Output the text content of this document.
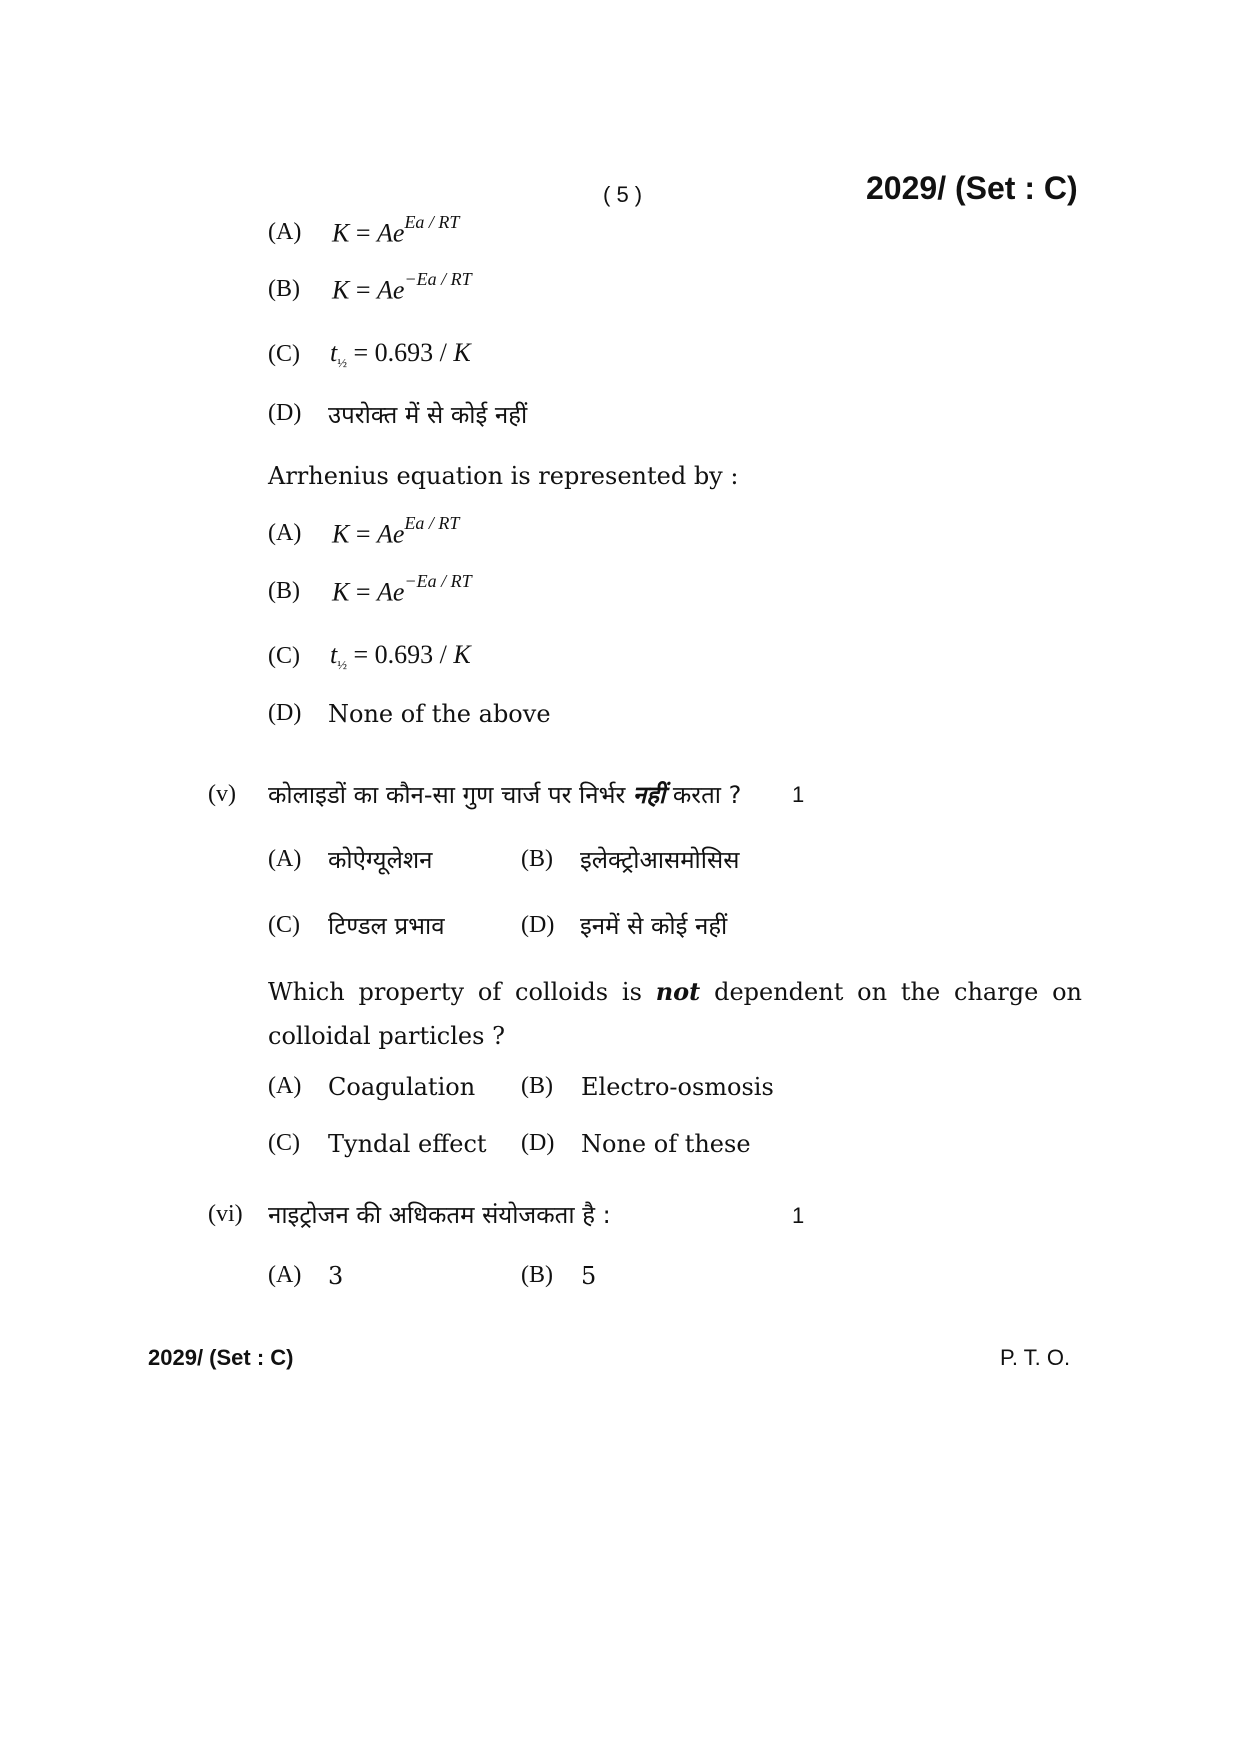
( 5 )	2029/ (Set : C)
(A) $K = Ae^{Ea / RT}$
(B) $K = Ae^{-Ea / RT}$
(C) $t_{\frac{1}{2}} = 0.693 / K$
(D) उपरोक्त में से कोई नहीं
Arrhenius equation is represented by :
(A) $K = Ae^{Ea / RT}$
(B) $K = Ae^{-Ea / RT}$
(C) $t_{\frac{1}{2}} = 0.693 / K$
(D) None of the above
(v) कोलाइडों का कौन-सा गुण चार्ज पर निर्भर नहीं करता ? 1
(A) कोऐग्यूलेशन	(B) इलेक्ट्रोआसमोसिस
(C) टिण्डल प्रभाव	(D) इनमें से कोई नहीं
Which property of colloids is not dependent on the charge on colloidal particles ?
(A) Coagulation (B) Electro-osmosis
(C) Tyndal effect (D) None of these
(vi) नाइट्रोजन की अधिकतम संयोजकता है :	1
(A) 3	(B) 5
2029/ (Set : C)	P. T. O.
